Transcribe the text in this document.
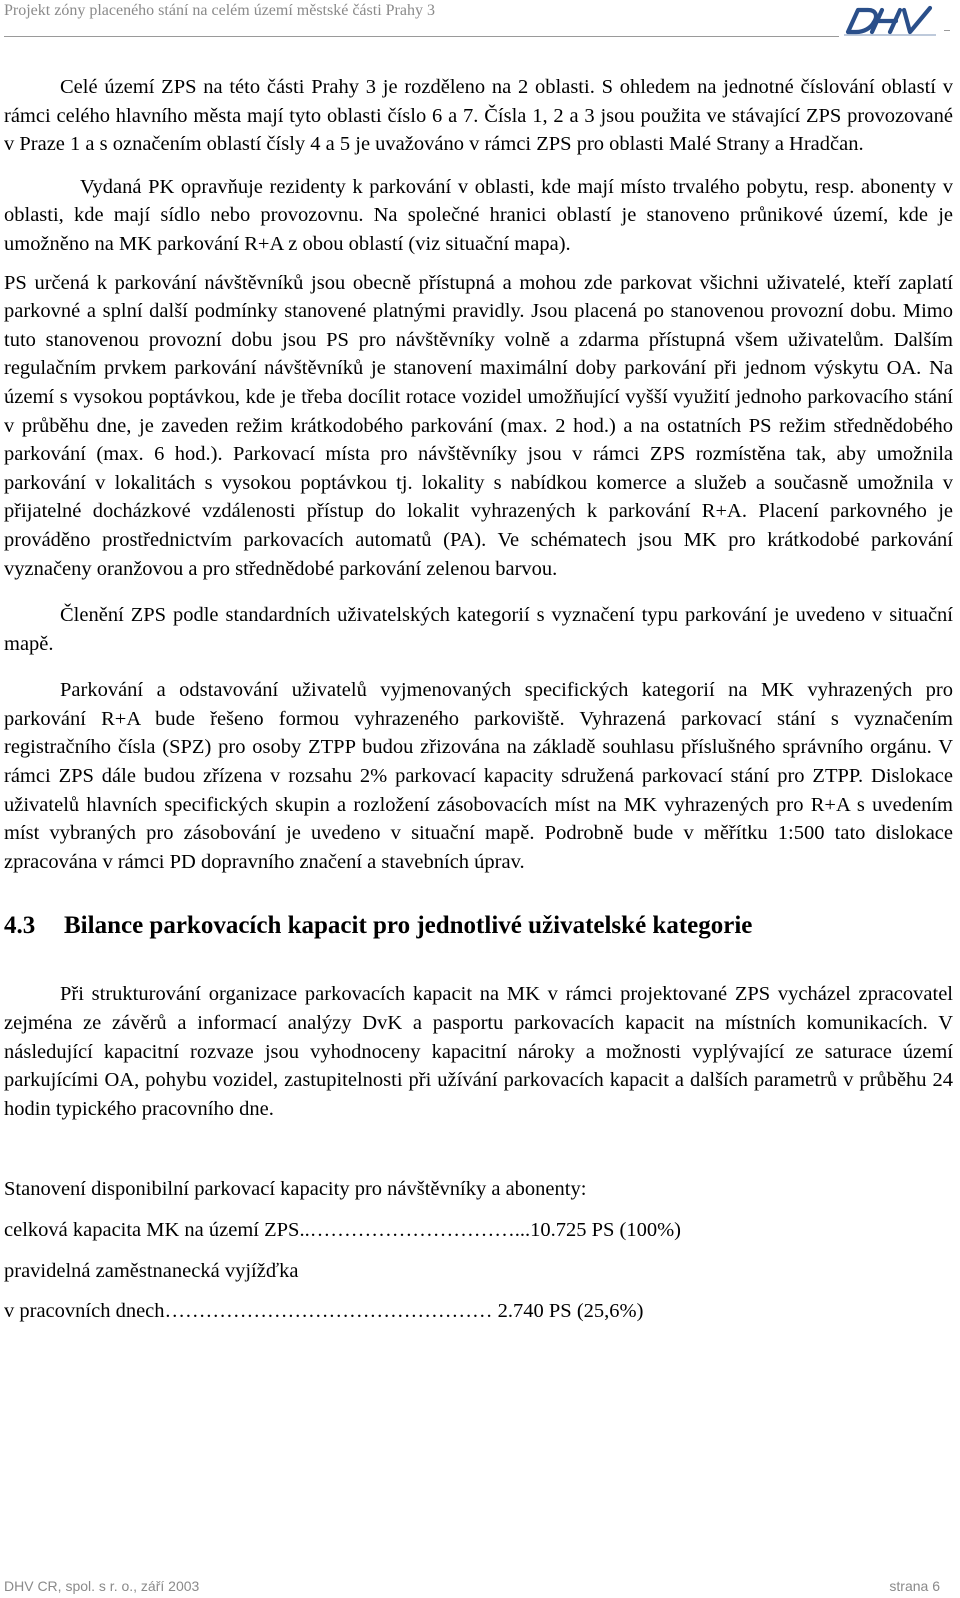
Projekt zóny placeného stání na celém území městské části Prahy 3

Celé území ZPS na této části Prahy 3 je rozděleno na 2 oblasti. S ohledem na jednotné číslování oblastí v rámci celého hlavního města mají tyto oblasti číslo 6 a 7. Čísla 1, 2 a 3 jsou použita ve stávající ZPS provozované v Praze 1 a s označením oblastí čísly 4 a 5 je uvažováno v rámci ZPS pro oblasti Malé Strany a Hradčan.

Vydaná PK opravňuje rezidenty k parkování v oblasti, kde mají místo trvalého pobytu, resp. abonenty v oblasti, kde mají sídlo nebo provozovnu. Na společné hranici oblastí je stanoveno průnikové území, kde je umožněno na MK parkování R+A z obou oblastí (viz situační mapa).

PS určená k parkování návštěvníků jsou obecně přístupná a mohou zde parkovat všichni uživatelé, kteří zaplatí parkovné a splní další podmínky stanovené platnými pravidly. Jsou placená po stanovenou provozní dobu. Mimo tuto stanovenou provozní dobu jsou PS pro návštěvníky volně a zdarma přístupná všem uživatelům. Dalším regulačním prvkem parkování návštěvníků je stanovení maximální doby parkování při jednom výskytu OA. Na území s vysokou poptávkou, kde je třeba docílit rotace vozidel umožňující vyšší využití jednoho parkovacího stání v průběhu dne, je zaveden režim krátkodobého parkování (max. 2 hod.) a na ostatních PS režim střednědobého parkování (max. 6 hod.). Parkovací místa pro návštěvníky jsou v rámci ZPS rozmístěna tak, aby umožnila parkování v lokalitách s vysokou poptávkou tj. lokality s nabídkou komerce a služeb a současně umožnila v přijatelné docházkové vzdálenosti přístup do lokalit vyhrazených k parkování R+A. Placení parkovného je prováděno prostřednictvím parkovacích automatů (PA). Ve schématech jsou MK pro krátkodobé parkování vyznačeny oranžovou a pro střednědobé parkování zelenou barvou.

Členění ZPS podle standardních uživatelských kategorií s vyznačení typu parkování je uvedeno v situační mapě.

Parkování a odstavování uživatelů vyjmenovaných specifických kategorií na MK vyhrazených pro parkování R+A bude řešeno formou vyhrazeného parkoviště. Vyhrazená parkovací stání s vyznačením registračního čísla (SPZ) pro osoby ZTPP budou zřizována na základě souhlasu příslušného správního orgánu. V rámci ZPS dále budou zřízena v rozsahu 2% parkovací kapacity sdružená parkovací stání pro ZTPP. Dislokace uživatelů hlavních specifických skupin a rozložení zásobovacích míst na MK vyhrazených pro R+A s uvedením míst vybraných pro zásobování je uvedeno v situační mapě. Podrobně bude v měřítku 1:500 tato dislokace zpracována v rámci PD dopravního značení a stavebních úprav.

4.3 Bilance parkovacích kapacit pro jednotlivé uživatelské kategorie

Při strukturování organizace parkovacích kapacit na MK v rámci projektované ZPS vycházel zpracovatel zejména ze závěrů a informací analýzy DvK a pasportu parkovacích kapacit na místních komunikacích. V následující kapacitní rozvaze jsou vyhodnoceny kapacitní nároky a možnosti vyplývající ze saturace území parkujícími OA, pohybu vozidel, zastupitelnosti při užívání parkovacích kapacit a dalších parametrů v průběhu 24 hodin typického pracovního dne.

Stanovení disponibilní parkovací kapacity pro návštěvníky a abonenty:

celková kapacita MK na území ZPS..…………………………...10.725 PS (100%)

pravidelná zaměstnanecká vyjížďka

v pracovních dnech………………………………………… 2.740 PS (25,6%)

DHV CR, spol. s r. o., září 2003	strana 6
